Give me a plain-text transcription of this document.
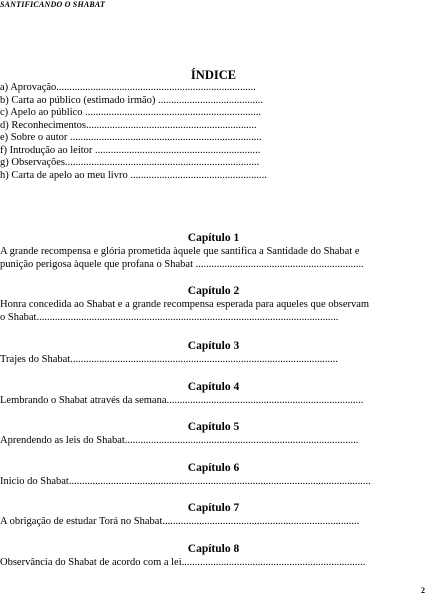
SANTIFICANDO O SHABAT
ÍNDICE
a) Aprovação............................................................................
b) Carta ao público (estimado irmão) ........................................
c) Apelo ao público ...................................................................
d) Reconhecimentos.................................................................
e) Sobre o autor .........................................................................
f) Introdução ao leitor ...............................................................
g) Observações..........................................................................
h) Carta de apelo ao meu livro ....................................................
Capítulo 1
A grande recompensa e glória prometida àquele que santifica a Santidade do Shabat e
punição perigosa àquele que profana o Shabat ................................................................
Capítulo 2
Honra concedida ao Shabat e a grande recompensa esperada para aqueles que observam
o Shabat...................................................................................................................
Capítulo 3
Trajes do Shabat......................................................................................................
Capítulo 4
Lembrando o Shabat através da semana...........................................................................
Capítulo 5
Aprendendo as leis do Shabat.........................................................................................
Capítulo 6
Inicio do Shabat...................................................................................................................
Capítulo 7
A obrigação de estudar Torá no Shabat...........................................................................
Capítulo 8
Observância do Shabat de acordo com a lei......................................................................
2
